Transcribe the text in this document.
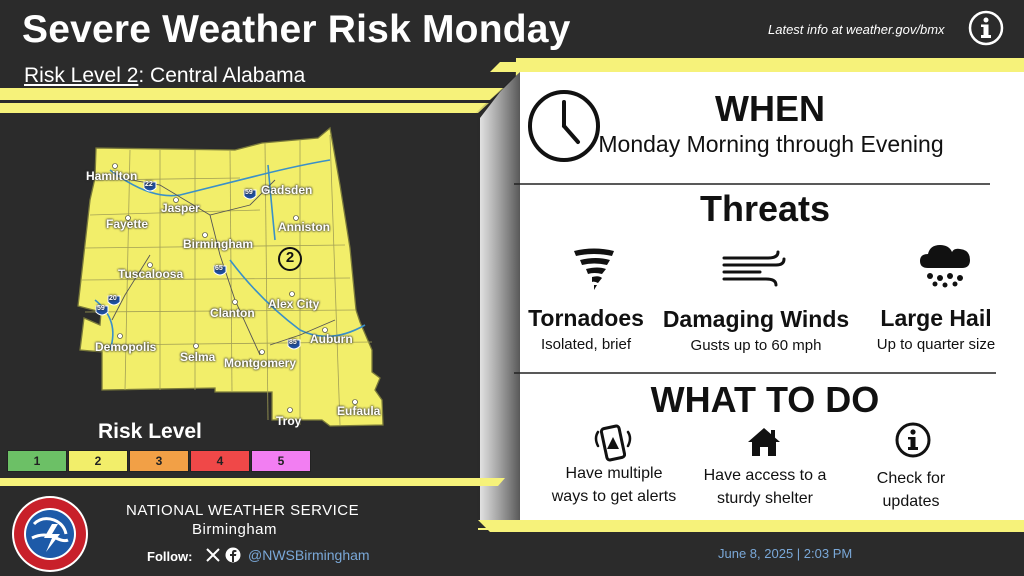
Severe Weather Risk Monday
Risk Level 2: Central Alabama
Latest info at weather.gov/bmx
2
22
59
20
65
85
59
Hamilton
Jasper
Gadsden
Fayette	Anniston
Birmingham
Tuscaloosa
Alex City
Clanton
Demopolis
Selma
Auburn
Montgomery
Eufaula
Troy
Risk Level
1	2	3	4	5
WHEN
Monday Morning through Evening
Threats
Tornadoes
Isolated, brief
Damaging Winds
Gusts up to 60 mph
Large Hail
Up to quarter size
WHAT TO DO
Have multiple
ways to get alerts
Have access to a
sturdy shelter
Check for
updates
NATIONAL WEATHER SERVICE
Birmingham
Follow:	@NWSBirmingham	June 8, 2025 | 2:03 PM
